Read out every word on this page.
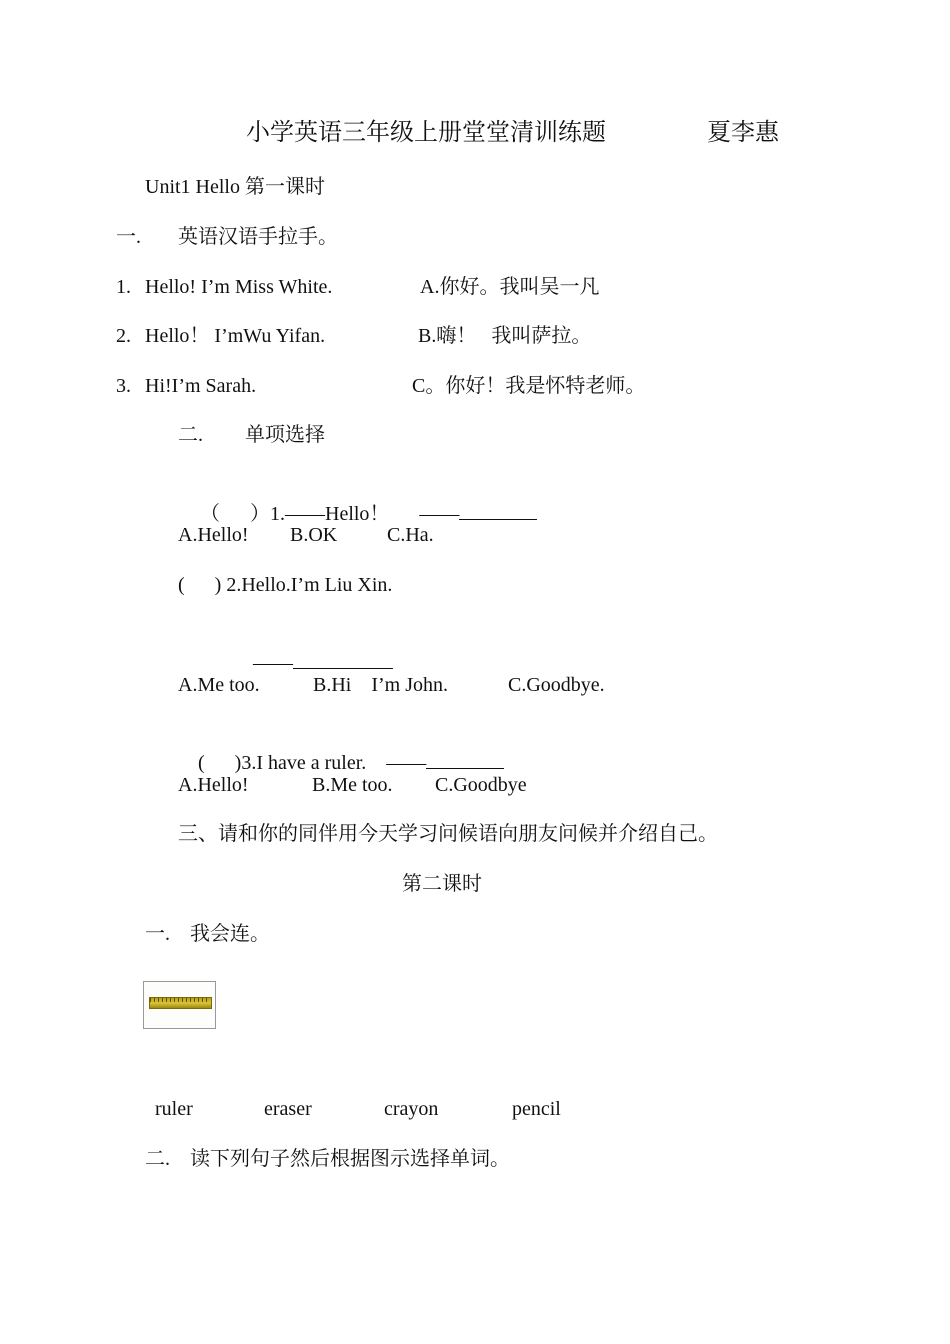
小学英语三年级上册堂堂清训练题	夏李惠
Unit1 Hello 第一课时
一. 英语汉语手拉手。
1. Hello! I’m Miss White.	A.你好。我叫吴一凡
2. Hello！ I’mWu Yifan.	B.嗨！   我叫萨拉。
3. Hi!I’m Sarah.	C。你好！我是怀特老师。
二. 单项选择

（      ）1.——Hello！      ——

A.Hello! B.OK C.Ha.
(      ) 2.Hello.I’m Liu Xin.

——

A.Me too.	B.Hi    I’m John.	C.Goodbye.

(      )3.I have a ruler.    ——

A.Hello!	B.Me too. C.Goodbye
三、请和你的同伴用今天学习问候语向朋友问候并介绍自己。
第二课时
一. 我会连。
ruler	eraser	crayon	pencil
二. 读下列句子然后根据图示选择单词。
